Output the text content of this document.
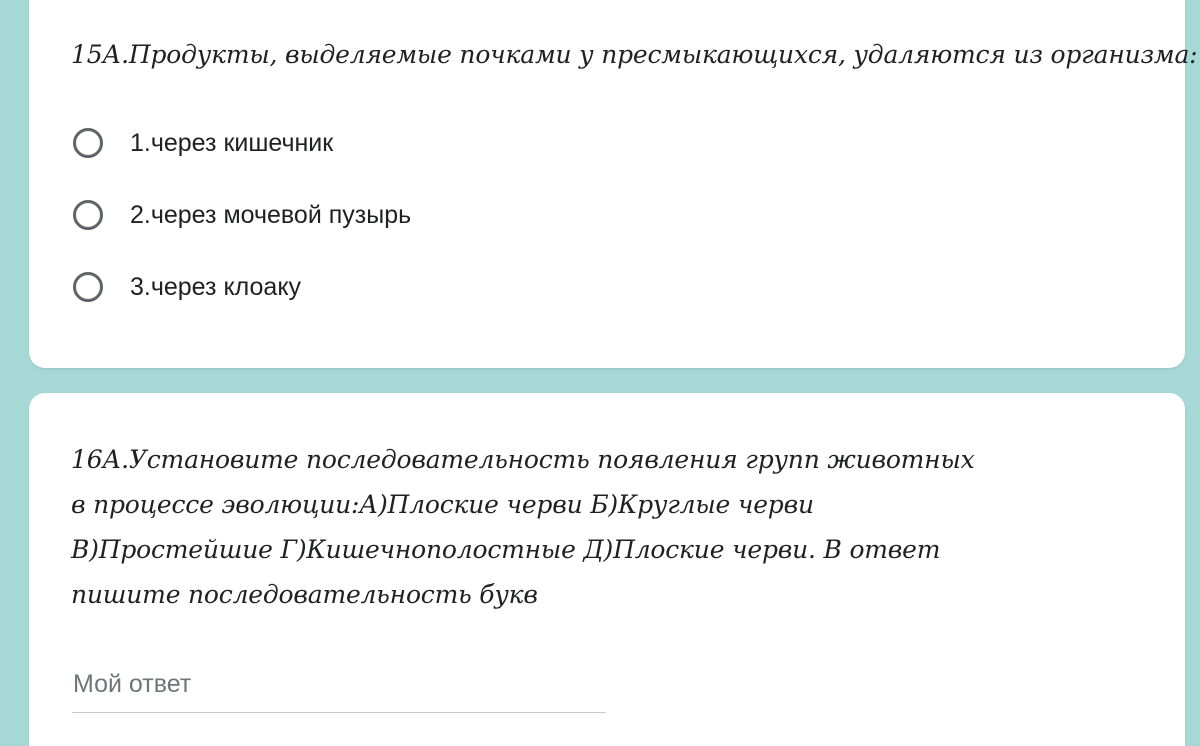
15А.Продукты, выделяемые почками у пресмыкающихся, удаляются из организма:
1.через кишечник
2.через мочевой пузырь
3.через клоаку
16А.Установите последовательность появления групп животных в процессе эволюции:А)Плоские черви Б)Круглые черви В)Простейшие Г)Кишечнополостные Д)Плоские черви. В ответ пишите последовательность букв
Мой ответ
